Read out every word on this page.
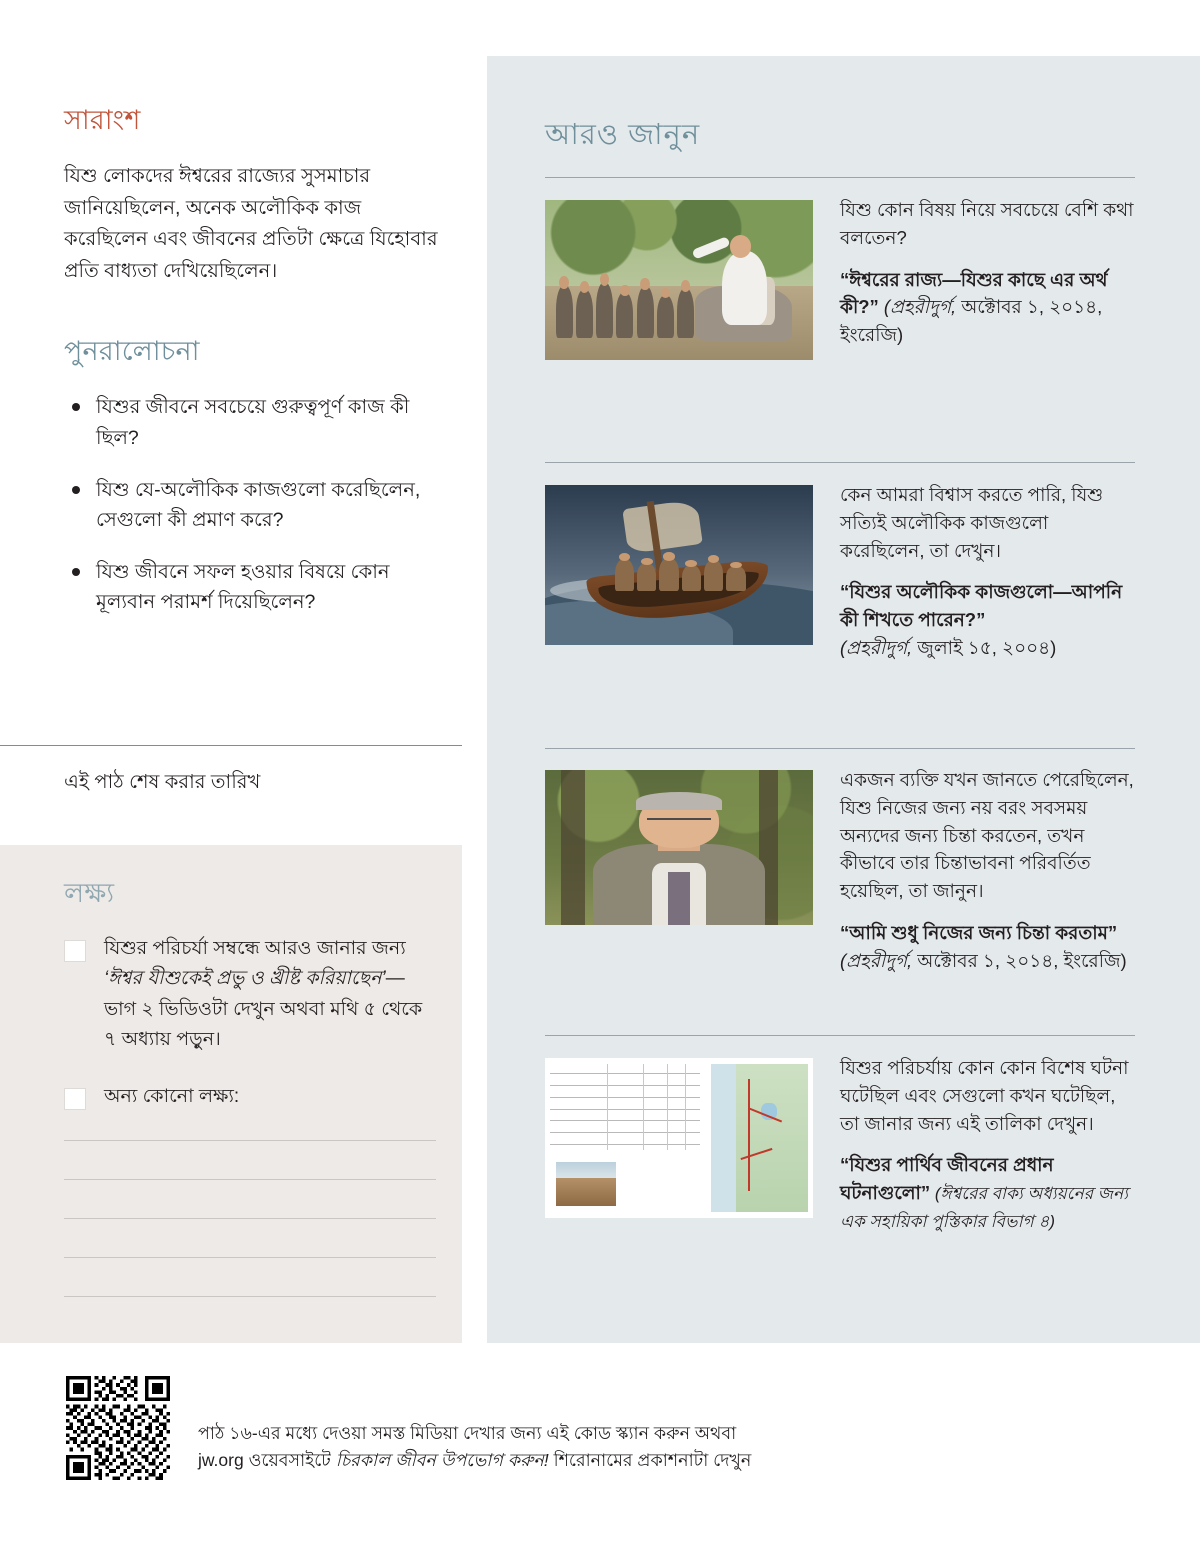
সারাংশ
যিশু লোকদের ঈশ্বরের রাজ্যের সুসমাচার জানিয়েছিলেন, অনেক অলৌকিক কাজ করেছিলেন এবং জীবনের প্রতিটা ক্ষেত্রে যিহোবার প্রতি বাধ্যতা দেখিয়েছিলেন।
পুনরালোচনা
যিশুর জীবনে সবচেয়ে গুরুত্বপূর্ণ কাজ কী ছিল?
যিশু যে-অলৌকিক কাজগুলো করেছিলেন, সেগুলো কী প্রমাণ করে?
যিশু জীবনে সফল হওয়ার বিষয়ে কোন মূল্যবান পরামর্শ দিয়েছিলেন?
এই পাঠ শেষ করার তারিখ
লক্ষ্য
যিশুর পরিচর্যা সম্বন্ধে আরও জানার জন্য ‘ঈশ্বর যীশুকেই প্রভু ও খ্রীষ্ট করিয়াছেন’—ভাগ ২ ভিডিওটা দেখুন অথবা মথি ৫ থেকে ৭ অধ্যায় পড়ুন।
অন্য কোনো লক্ষ্য:
আরও জানুন
যিশু কোন বিষয় নিয়ে সবচেয়ে বেশি কথা বলতেন?
“ঈশ্বরের রাজ্য—যিশুর কাছে এর অর্থ কী?” (প্রহরীদুর্গ, অক্টোবর ১, ২০১৪, ইংরেজি)
কেন আমরা বিশ্বাস করতে পারি, যিশু সত্যিই অলৌকিক কাজগুলো করেছিলেন, তা দেখুন।
“যিশুর অলৌকিক কাজগুলো—আপনি কী শিখতে পারেন?”
(প্রহরীদুর্গ, জুলাই ১৫, ২০০৪)
একজন ব্যক্তি যখন জানতে পেরেছিলেন, যিশু নিজের জন্য নয় বরং সবসময় অন্যদের জন্য চিন্তা করতেন, তখন কীভাবে তার চিন্তাভাবনা পরিবর্তিত হয়েছিল, তা জানুন।
“আমি শুধু নিজের জন্য চিন্তা করতাম” (প্রহরীদুর্গ, অক্টোবর ১, ২০১৪, ইংরেজি)
যিশুর পরিচর্যায় কোন কোন বিশেষ ঘটনা ঘটেছিল এবং সেগুলো কখন ঘটেছিল, তা জানার জন্য এই তালিকা দেখুন।
“যিশুর পার্থিব জীবনের প্রধান ঘটনাগুলো” (ঈশ্বরের বাক্য অধ্যয়নের জন্য এক সহায়িকা পুস্তিকার বিভাগ ৪)
পাঠ ১৬-এর মধ্যে দেওয়া সমস্ত মিডিয়া দেখার জন্য এই কোড স্ক্যান করুন অথবা
jw.org ওয়েবসাইটে চিরকাল জীবন উপভোগ করুন! শিরোনামের প্রকাশনাটা দেখুন
